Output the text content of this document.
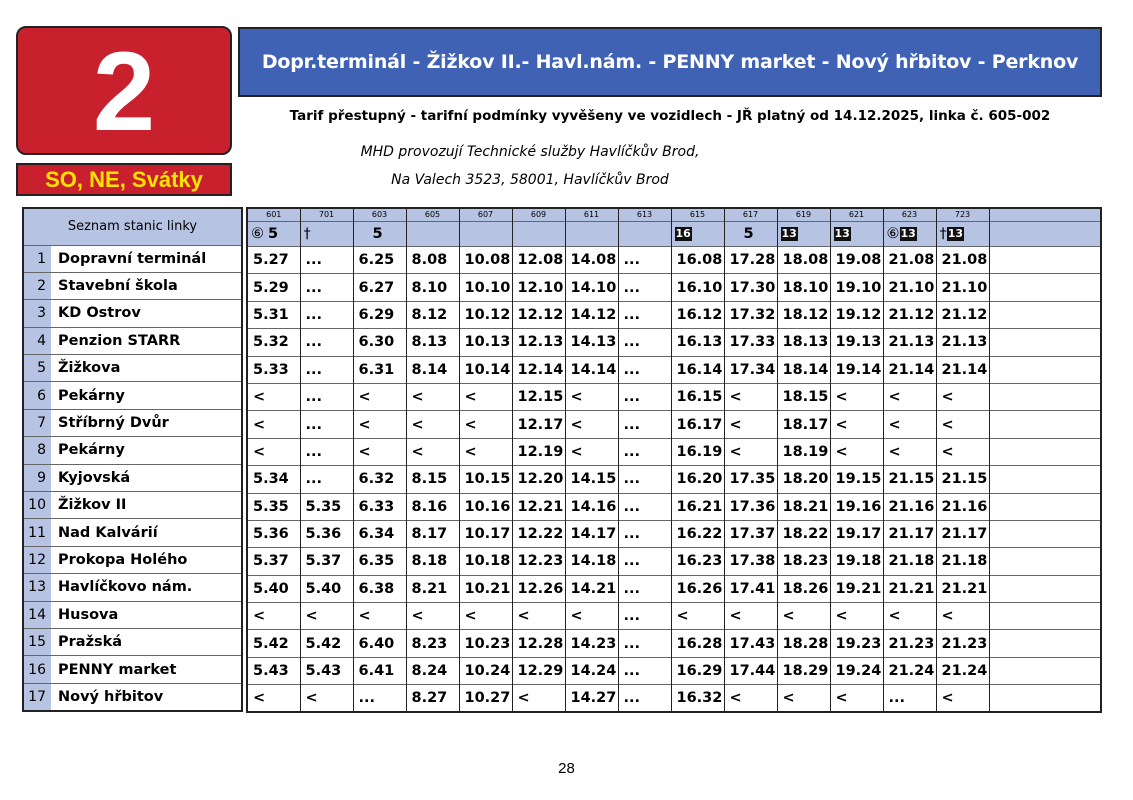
2
SO, NE, Svátky
Dopr.terminál - Žižkov II.- Havl.nám. - PENNY market - Nový hřbitov - Perknov
Tarif přestupný - tarifní podmínky vyvěšeny ve vozidlech - JŘ platný od 14.12.2025, linka č. 605-002
MHD provozují Technické služby Havlíčkův Brod,
Na Valech 3523, 58001, Havlíčkův Brod
Seznam stanic linky	
1	Dopravní terminál
2	Stavební škola
3	KD Ostrov
4	Penzion STARR
5	Žižkova
6	Pekárny
7	Stříbrný Dvůr
8	Pekárny
9	Kyjovská
10	Žižkov II
11	Nad Kalvárií
12	Prokopa Holého
13	Havlíčkovo nám.
14	Husova
15	Pražská
16	PENNY market
17	Nový hřbitov
601	701	603	605	607	609	611	613	615	617	619	621	623	723	
⑥ 5	†	5						16	5	13	13	⑥13	†13	
5.27	...	6.25	8.08	10.08	12.08	14.08	...	16.08	17.28	18.08	19.08	21.08	21.08	
5.29	...	6.27	8.10	10.10	12.10	14.10	...	16.10	17.30	18.10	19.10	21.10	21.10	
5.31	...	6.29	8.12	10.12	12.12	14.12	...	16.12	17.32	18.12	19.12	21.12	21.12	
5.32	...	6.30	8.13	10.13	12.13	14.13	...	16.13	17.33	18.13	19.13	21.13	21.13	
5.33	...	6.31	8.14	10.14	12.14	14.14	...	16.14	17.34	18.14	19.14	21.14	21.14	
<	...	<	<	<	12.15	<	...	16.15	<	18.15	<	<	<	
<	...	<	<	<	12.17	<	...	16.17	<	18.17	<	<	<	
<	...	<	<	<	12.19	<	...	16.19	<	18.19	<	<	<	
5.34	...	6.32	8.15	10.15	12.20	14.15	...	16.20	17.35	18.20	19.15	21.15	21.15	
5.35	5.35	6.33	8.16	10.16	12.21	14.16	...	16.21	17.36	18.21	19.16	21.16	21.16	
5.36	5.36	6.34	8.17	10.17	12.22	14.17	...	16.22	17.37	18.22	19.17	21.17	21.17	
5.37	5.37	6.35	8.18	10.18	12.23	14.18	...	16.23	17.38	18.23	19.18	21.18	21.18	
5.40	5.40	6.38	8.21	10.21	12.26	14.21	...	16.26	17.41	18.26	19.21	21.21	21.21	
<	<	<	<	<	<	<	...	<	<	<	<	<	<	
5.42	5.42	6.40	8.23	10.23	12.28	14.23	...	16.28	17.43	18.28	19.23	21.23	21.23	
5.43	5.43	6.41	8.24	10.24	12.29	14.24	...	16.29	17.44	18.29	19.24	21.24	21.24	
<	<	...	8.27	10.27	<	14.27	...	16.32	<	<	<	...	<	
28
